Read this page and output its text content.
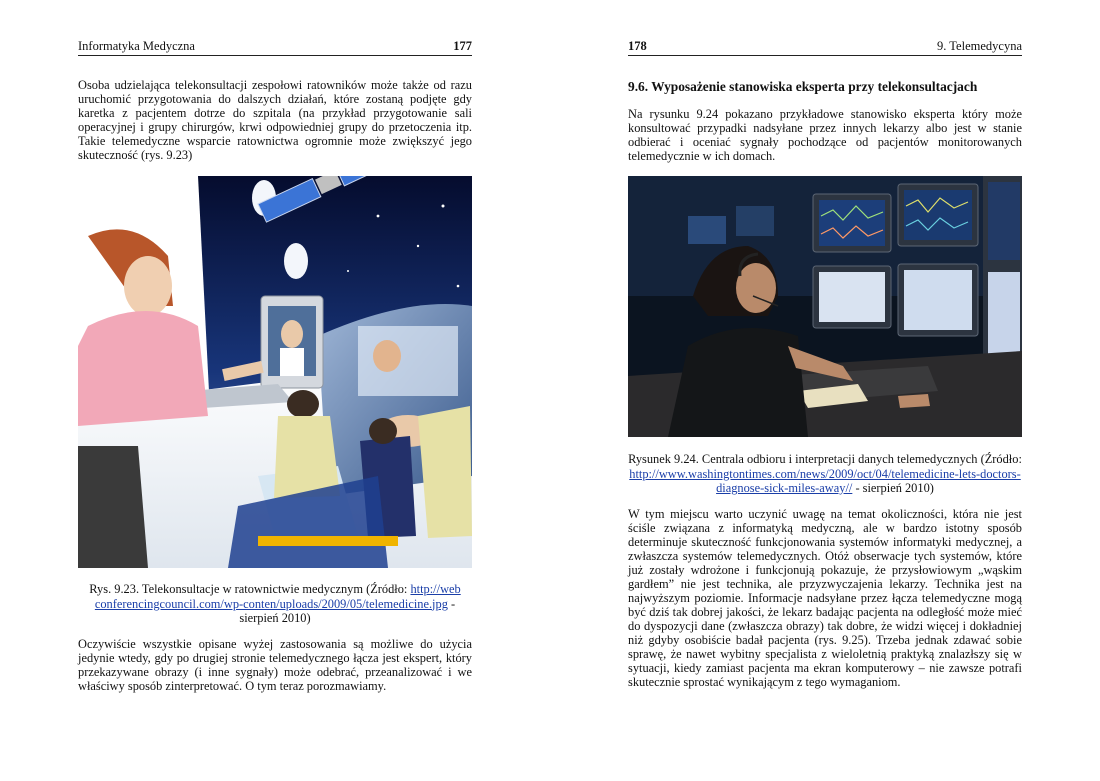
Informatyka Medyczna	177

Osoba udzielająca telekonsultacji zespołowi ratowników może także od razu uruchomić przygotowania do dalszych działań, które zostaną podjęte gdy karetka z pacjentem dotrze do szpitala (na przykład przygotowanie sali operacyjnej i grupy chirurgów, krwi odpowiedniej grupy do przetoczenia itp. Takie telemedyczne wsparcie ratownictwa ogromnie może zwiększyć jego skuteczność (rys. 9.23)

Rys. 9.23. Telekonsultacje w ratownictwie medycznym (Źródło: http://web conferencingcouncil.com/wp-conten/uploads/2009/05/telemedicine.jpg - sierpień 2010)

Oczywiście wszystkie opisane wyżej zastosowania są możliwe do użycia jedynie wtedy, gdy po drugiej stronie telemedycznego łącza jest ekspert, który przekazywane obrazy (i inne sygnały) może odebrać, przeanalizować i we właściwy sposób zinterpretować. O tym teraz porozmawiamy.

178	9. Telemedycyna
9.6. Wyposażenie stanowiska eksperta przy telekonsultacjach

Na rysunku 9.24 pokazano przykładowe stanowisko eksperta który może konsultować przypadki nadsyłane przez innych lekarzy albo jest w stanie odbierać i oceniać sygnały pochodzące od pacjentów monitorowanych telemedycznie w ich domach.

Rysunek 9.24. Centrala odbioru i interpretacji danych telemedycznych (Źródło: http://www.washingtontimes.com/news/2009/oct/04/telemedicine-lets-doctors-diagnose-sick-miles-away// - sierpień 2010)

W tym miejscu warto uczynić uwagę na temat okoliczności, która nie jest ściśle związana z informatyką medyczną, ale w bardzo istotny sposób determinuje skuteczność funkcjonowania systemów informatyki medycznej, a zwłaszcza systemów telemedycznych. Otóż obserwacje tych systemów, które już zostały wdrożone i funkcjonują pokazuje, że przysłowiowym „wąskim gardłem” nie jest technika, ale przyzwyczajenia lekarzy. Technika jest na najwyższym poziomie. Informacje nadsyłane przez łącza telemedyczne mogą być dziś tak dobrej jakości, że lekarz badając pacjenta na odległość może mieć do dyspozycji dane (zwłaszcza obrazy) tak dobre, że widzi więcej i dokładniej niż gdyby osobiście badał pacjenta (rys. 9.25). Trzeba jednak zdawać sobie sprawę, że nawet wybitny specjalista z wieloletnią praktyką znalazłszy się w sytuacji, kiedy zamiast pacjenta ma ekran komputerowy – nie zawsze potrafi skutecznie sprostać wynikającym z tego wymaganiom.
